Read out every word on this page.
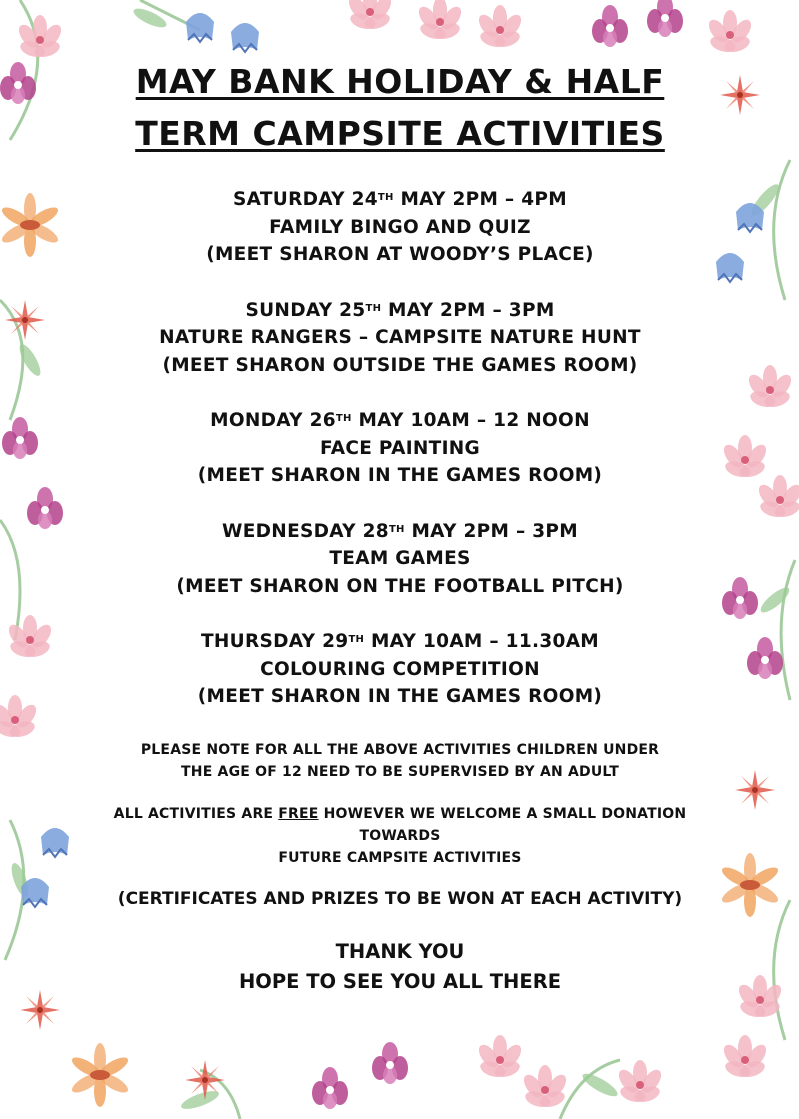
MAY BANK HOLIDAY & HALF
TERM CAMPSITE ACTIVITIES
SATURDAY 24TH MAY 2PM – 4PM
FAMILY BINGO AND QUIZ
(MEET SHARON AT WOODY’S PLACE)
SUNDAY 25TH MAY 2PM – 3PM
NATURE RANGERS – CAMPSITE NATURE HUNT
(MEET SHARON OUTSIDE THE GAMES ROOM)
MONDAY 26TH MAY 10AM – 12 NOON
FACE PAINTING
(MEET SHARON IN THE GAMES ROOM)
WEDNESDAY 28TH MAY 2PM – 3PM
TEAM GAMES
(MEET SHARON ON THE FOOTBALL PITCH)
THURSDAY 29TH MAY 10AM – 11.30AM
COLOURING COMPETITION
(MEET SHARON IN THE GAMES ROOM)
PLEASE NOTE FOR ALL THE ABOVE ACTIVITIES CHILDREN UNDER
THE AGE OF 12 NEED TO BE SUPERVISED BY AN ADULT
ALL ACTIVITIES ARE FREE HOWEVER WE WELCOME A SMALL DONATION TOWARDS
FUTURE CAMPSITE ACTIVITIES
(CERTIFICATES AND PRIZES TO BE WON AT EACH ACTIVITY)
THANK YOU
HOPE TO SEE YOU ALL THERE
